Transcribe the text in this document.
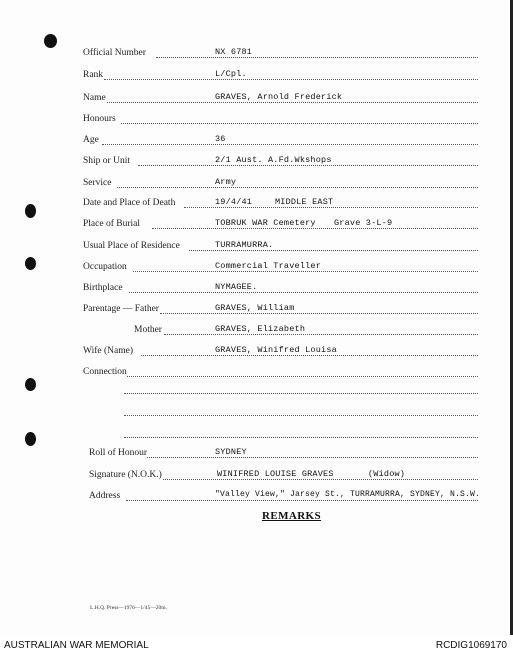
Official Number	NX 6781
Rank	L/Cpl.
Name	GRAVES, Arnold Frederick
Honours
Age	36
Ship or Unit	2/1 Aust. A.Fd.Wkshops
Service	Army
Date and Place of Death	19/4/41	MIDDLE EAST
Place of Burial	TOBRUK WAR Cemetery Grave 3-L-9
Usual Place of Residence	TURRAMURRA.
Occupation	Commercial Traveller
Birthplace	NYMAGEE.
Parentage — Father	GRAVES, William
Mother	GRAVES, Elizabeth
Wife (Name)	GRAVES, Winifred Louisa
Connection
Roll of Honour	SYDNEY
Signature (N.O.K.)	WINIFRED LOUISE GRAVES	(Widow)
Address	"Valley View," Jarsey St., TURRAMURRA, SYDNEY, N.S.W.
REMARKS
L.H.Q. Press—1976—1/45—20m.
AUSTRALIAN WAR MEMORIAL	RCDIG1069170
